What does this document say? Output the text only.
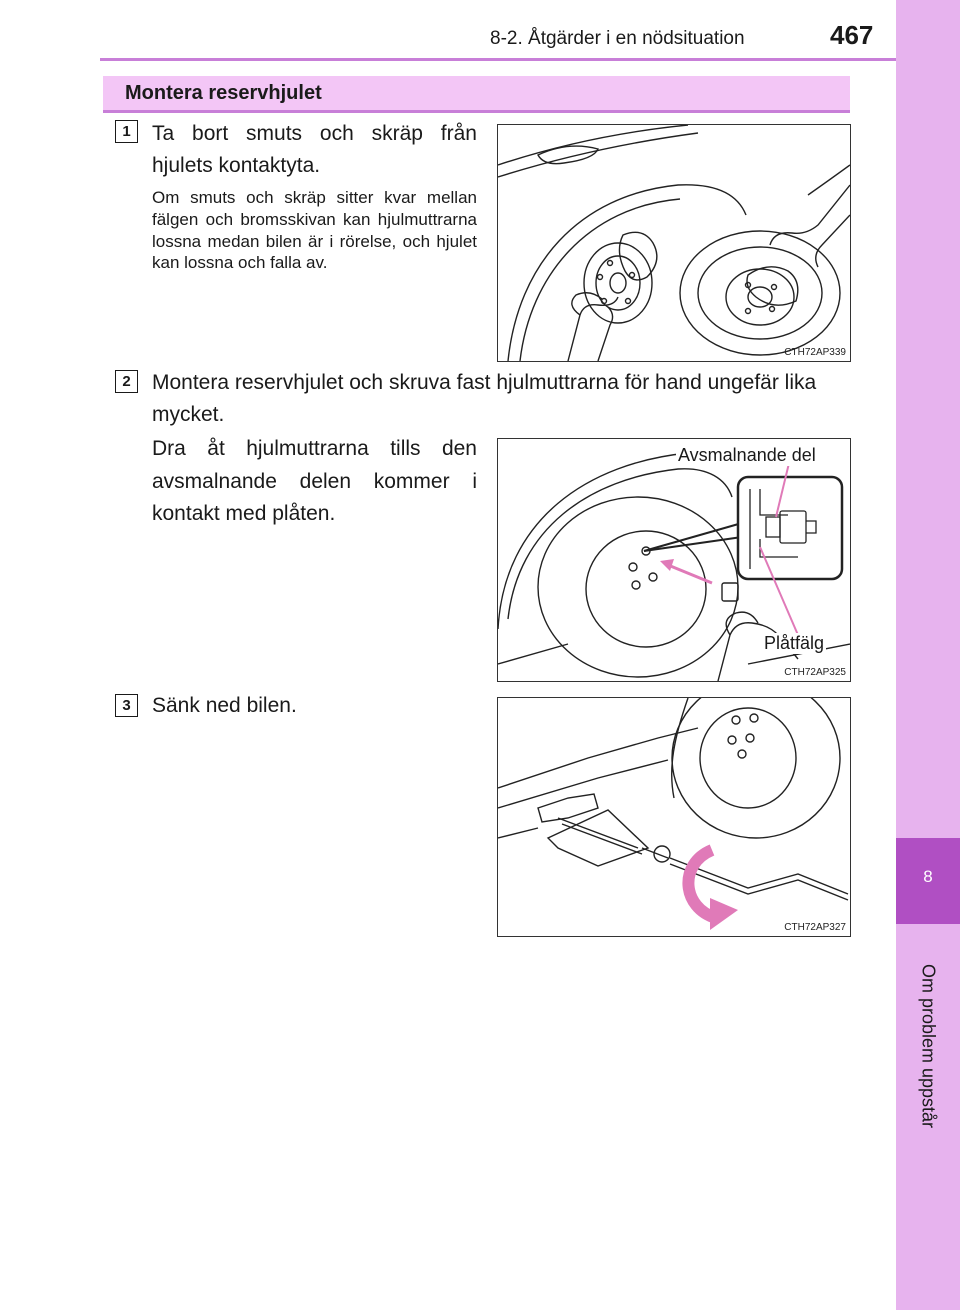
8-2. Åtgärder i en nödsituation	467
8
Om problem uppstår
Montera reservhjulet
1	Ta bort smuts och skräp från hjulets kontaktyta.
Om smuts och skräp sitter kvar mellan fälgen och bromsskivan kan hjulmuttrarna lossna medan bilen är i rörelse, och hjulet kan lossna och falla av.
CTH72AP339
2	Montera reservhjulet och skruva fast hjulmuttrarna för hand ungefär lika mycket.
Dra åt hjulmuttrarna tills den avsmalnande delen kommer i kontakt med plåten.
Avsmalnande del
Plåtfälg
CTH72AP325
3	Sänk ned bilen.
CTH72AP327
